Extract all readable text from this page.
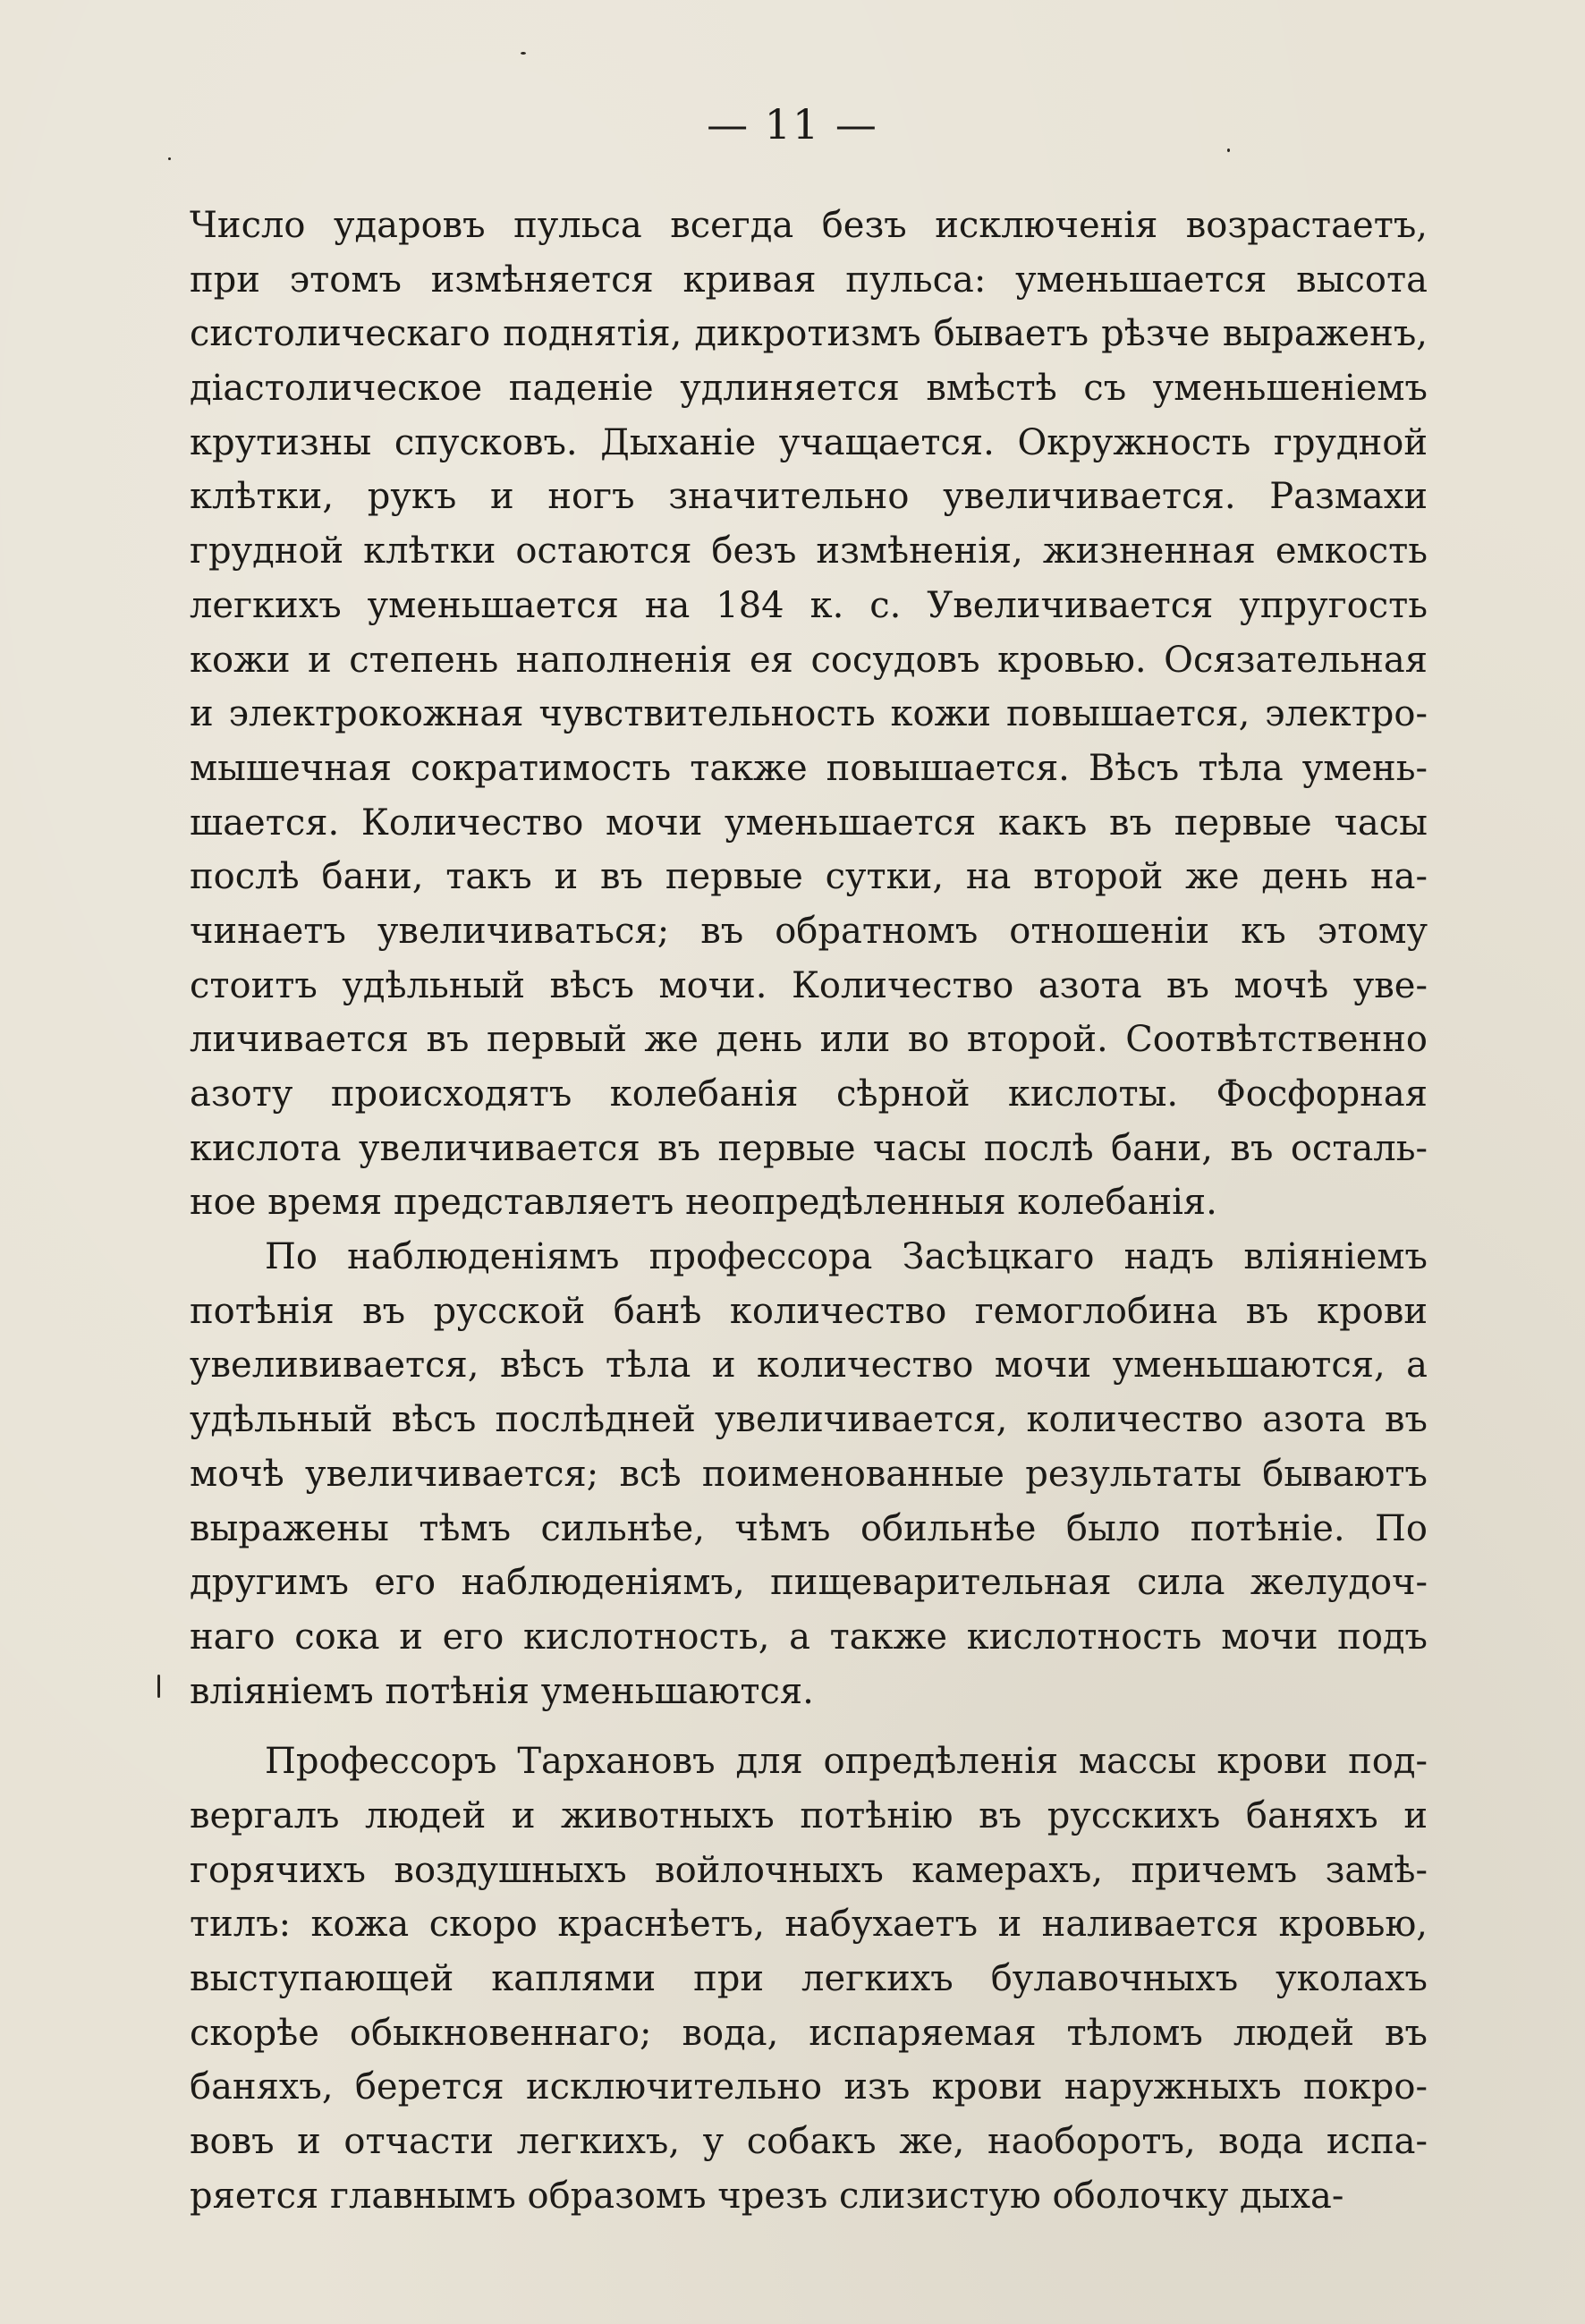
— 11 —
Число ударовъ пульса всегда безъ исключенія возрастаетъ,
при этомъ измѣняется кривая пульса: уменьшается высота
систолическаго поднятія, дикротизмъ бываетъ рѣзче выраженъ,
діастолическое паденіе удлиняется вмѣстѣ съ уменьшеніемъ
крутизны спусковъ. Дыханіе учащается. Окружность грудной
клѣтки, рукъ и ногъ значительно увеличивается. Размахи
грудной клѣтки остаются безъ измѣненія, жизненная емкость
легкихъ уменьшается на 184 к. с. Увеличивается упругость
кожи и степень наполненія ея сосудовъ кровью. Осязательная
и электрокожная чувствительность кожи повышается, электро-
мышечная сократимость также повышается. Вѣсъ тѣла умень-
шается. Количество мочи уменьшается какъ въ первые часы
послѣ бани, такъ и въ первые сутки, на второй же день на-
чинаетъ увеличиваться; въ обратномъ отношеніи къ этому
стоитъ удѣльный вѣсъ мочи. Количество азота въ мочѣ уве-
личивается въ первый же день или во второй. Соотвѣтственно
азоту происходятъ колебанія сѣрной кислоты. Фосфорная
кислота увеличивается въ первые часы послѣ бани, въ осталь-
ное время представляетъ неопредѣленныя колебанія.
По наблюденіямъ профессора Засѣцкаго надъ вліяніемъ
потѣнія въ русской банѣ количество гемоглобина въ крови
увелививается, вѣсъ тѣла и количество мочи уменьшаются, а
удѣльный вѣсъ послѣдней увеличивается, количество азота въ
мочѣ увеличивается; всѣ поименованные результаты бываютъ
выражены тѣмъ сильнѣе, чѣмъ обильнѣе было потѣніе. По
другимъ его наблюденіямъ, пищеварительная сила желудоч-
наго сока и его кислотность, а также кислотность мочи подъ
вліяніемъ потѣнія уменьшаются.
Профессоръ Тархановъ для опредѣленія массы крови под-
вергалъ людей и животныхъ потѣнію въ русскихъ баняхъ и
горячихъ воздушныхъ войлочныхъ камерахъ, причемъ замѣ-
тилъ: кожа скоро краснѣетъ, набухаетъ и наливается кровью,
выступающей каплями при легкихъ булавочныхъ уколахъ
скорѣе обыкновеннаго; вода, испаряемая тѣломъ людей въ
баняхъ, берется исключительно изъ крови наружныхъ покро-
вовъ и отчасти легкихъ, у собакъ же, наоборотъ, вода испа-
ряется главнымъ образомъ чрезъ слизистую оболочку дыха-
